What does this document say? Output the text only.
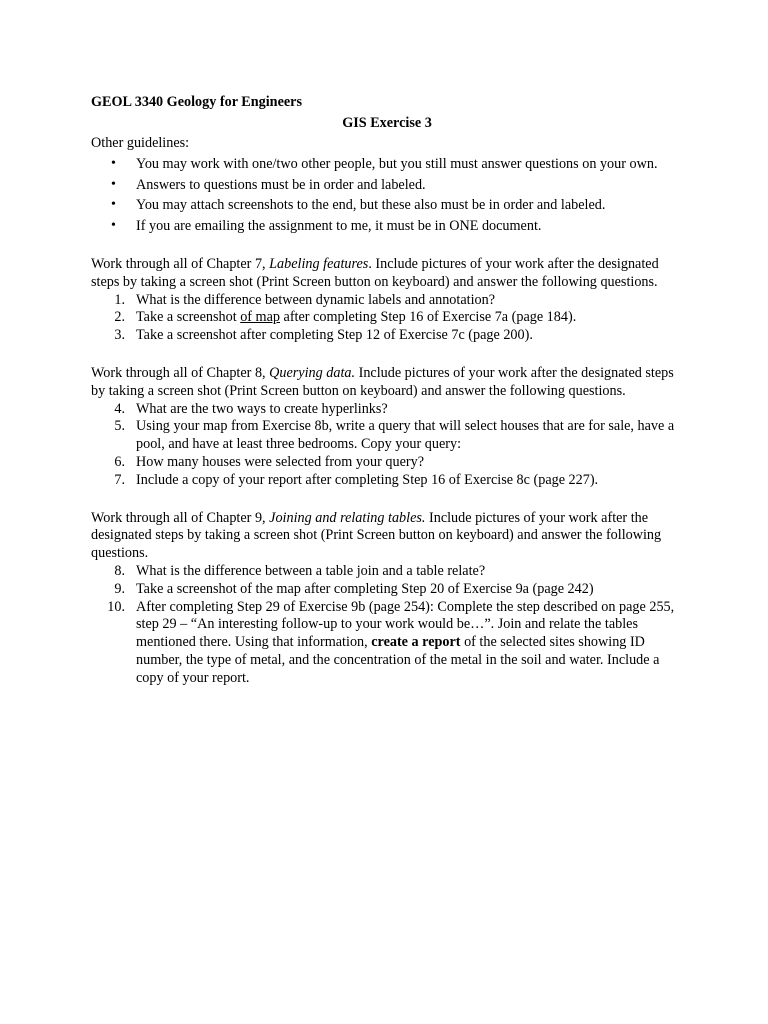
GEOL 3340 Geology for Engineers

GIS Exercise 3

Other guidelines:

• You may work with one/two other people, but you still must answer questions on your own.
• Answers to questions must be in order and labeled.
• You may attach screenshots to the end, but these also must be in order and labeled.
• If you are emailing the assignment to me, it must be in ONE document.

Work through all of Chapter 7, Labeling features. Include pictures of your work after the designated steps by taking a screen shot (Print Screen button on keyboard) and answer the following questions.

1. What is the difference between dynamic labels and annotation?
2. Take a screenshot of map after completing Step 16 of Exercise 7a (page 184).
3. Take a screenshot after completing Step 12 of Exercise 7c (page 200).

Work through all of Chapter 8, Querying data. Include pictures of your work after the designated steps by taking a screen shot (Print Screen button on keyboard) and answer the following questions.

4. What are the two ways to create hyperlinks?
5. Using your map from Exercise 8b, write a query that will select houses that are for sale, have a pool, and have at least three bedrooms. Copy your query:
6. How many houses were selected from your query?
7. Include a copy of your report after completing Step 16 of Exercise 8c (page 227).

Work through all of Chapter 9, Joining and relating tables. Include pictures of your work after the designated steps by taking a screen shot (Print Screen button on keyboard) and answer the following questions.

8. What is the difference between a table join and a table relate?
9. Take a screenshot of the map after completing Step 20 of Exercise 9a (page 242)
10. After completing Step 29 of Exercise 9b (page 254): Complete the step described on page 255, step 29 – “An interesting follow-up to your work would be…”. Join and relate the tables mentioned there. Using that information, create a report of the selected sites showing ID number, the type of metal, and the concentration of the metal in the soil and water. Include a copy of your report.
